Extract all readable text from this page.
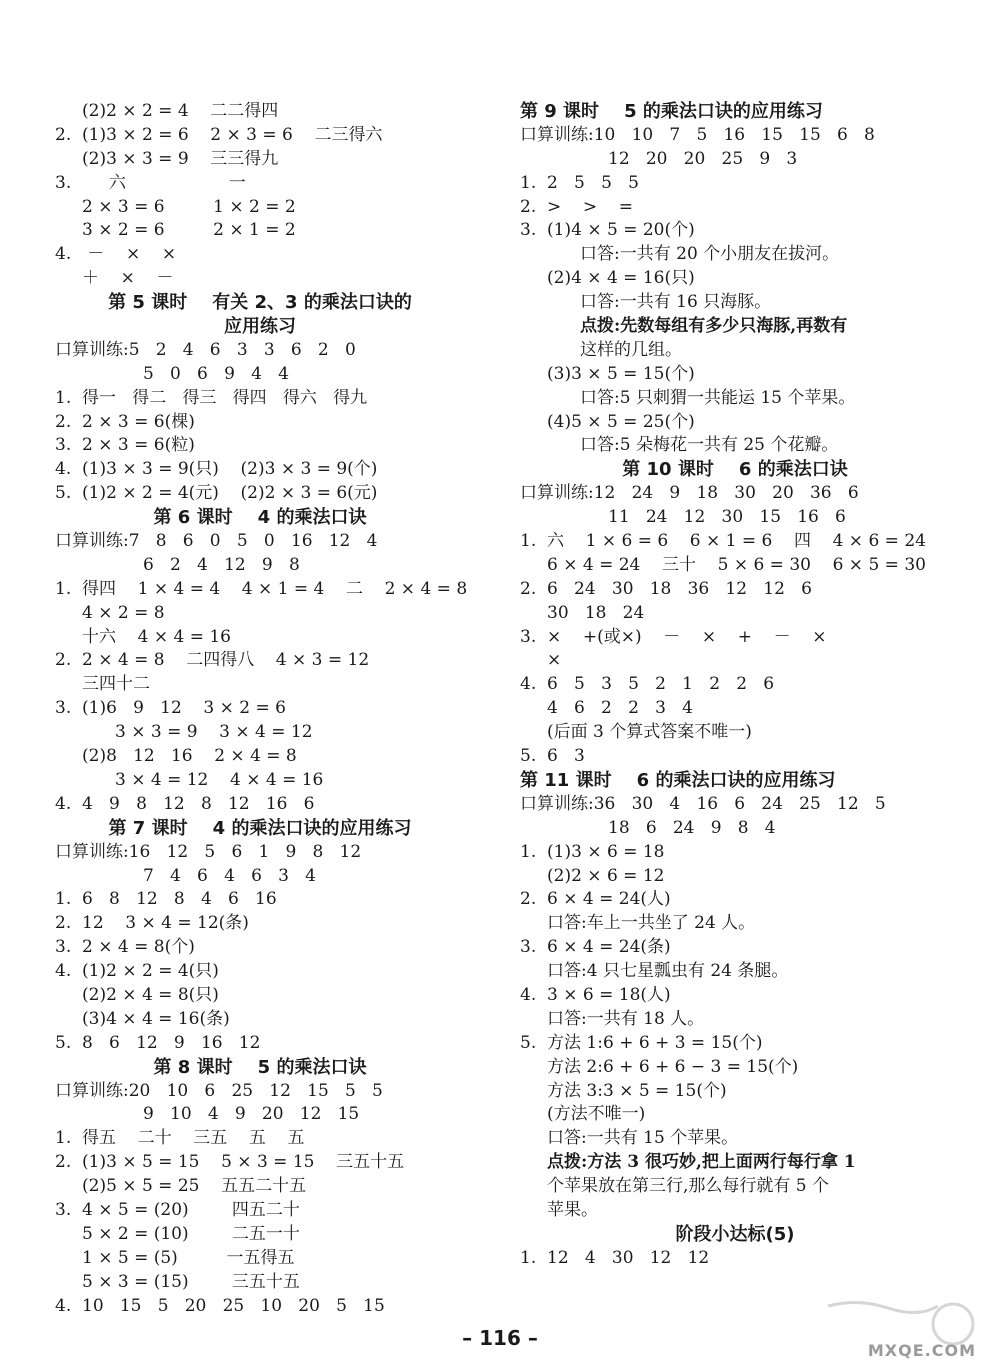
(2)2 × 2 = 4    二二得四
2.  (1)3 × 2 = 6    2 × 3 = 6    二三得六
(2)3 × 3 = 9    三三得九
3.       六                   一
2 × 3 = 6         1 × 2 = 2
3 × 2 = 6         2 × 1 = 2
4.   －    ×    ×
＋    ×    －
第 5 课时    有关 2、3 的乘法口诀的
应用练习
口算训练:5   2   4   6   3   3   6   2   0
5   0   6   9   4   4
1.  得一   得二   得三   得四   得六   得九
2.  2 × 3 = 6(棵)
3.  2 × 3 = 6(粒)
4.  (1)3 × 3 = 9(只)    (2)3 × 3 = 9(个)
5.  (1)2 × 2 = 4(元)    (2)2 × 3 = 6(元)
第 6 课时    4 的乘法口诀
口算训练:7   8   6   0   5   0   16   12   4
6   2   4   12   9   8
1.  得四    1 × 4 = 4    4 × 1 = 4    二    2 × 4 = 8
4 × 2 = 8
十六    4 × 4 = 16
2.  2 × 4 = 8    二四得八    4 × 3 = 12
三四十二
3.  (1)6   9   12    3 × 2 = 6
3 × 3 = 9    3 × 4 = 12
(2)8   12   16    2 × 4 = 8
3 × 4 = 12    4 × 4 = 16
4.  4   9   8   12   8   12   16   6
第 7 课时    4 的乘法口诀的应用练习
口算训练:16   12   5   6   1   9   8   12
7   4   6   4   6   3   4
1.  6   8   12   8   4   6   16
2.  12    3 × 4 = 12(条)
3.  2 × 4 = 8(个)
4.  (1)2 × 2 = 4(只)
(2)2 × 4 = 8(只)
(3)4 × 4 = 16(条)
5.  8   6   12   9   16   12
第 8 课时    5 的乘法口诀
口算训练:20   10   6   25   12   15   5   5
9   10   4   9   20   12   15
1.  得五    二十    三五    五    五
2.  (1)3 × 5 = 15    5 × 3 = 15    三五十五
(2)5 × 5 = 25    五五二十五
3.  4 × 5 = (20)        四五二十
5 × 2 = (10)        二五一十
1 × 5 = (5)         一五得五
5 × 3 = (15)        三五十五
4.  10   15   5   20   25   10   20   5   15
第 9 课时    5 的乘法口诀的应用练习
口算训练:10   10   7   5   16   15   15   6   8
12   20   20   25   9   3
1.  2   5   5   5
2.  >    >    =
3.  (1)4 × 5 = 20(个)
口答:一共有 20 个小朋友在拔河。
(2)4 × 4 = 16(只)
口答:一共有 16 只海豚。
点拨:先数每组有多少只海豚,再数有
这样的几组。
(3)3 × 5 = 15(个)
口答:5 只刺猬一共能运 15 个苹果。
(4)5 × 5 = 25(个)
口答:5 朵梅花一共有 25 个花瓣。
第 10 课时    6 的乘法口诀
口算训练:12   24   9   18   30   20   36   6
11   24   12   30   15   16   6
1.  六    1 × 6 = 6    6 × 1 = 6    四    4 × 6 = 24
6 × 4 = 24    三十    5 × 6 = 30    6 × 5 = 30
2.  6   24   30   18   36   12   12   6
30   18   24
3.  ×    +(或×)    －    ×    +    －    ×
×
4.  6   5   3   5   2   1   2   2   6
4   6   2   2   3   4
(后面 3 个算式答案不唯一)
5.  6   3
第 11 课时    6 的乘法口诀的应用练习
口算训练:36   30   4   16   6   24   25   12   5
18   6   24   9   8   4
1.  (1)3 × 6 = 18
(2)2 × 6 = 12
2.  6 × 4 = 24(人)
口答:车上一共坐了 24 人。
3.  6 × 4 = 24(条)
口答:4 只七星瓢虫有 24 条腿。
4.  3 × 6 = 18(人)
口答:一共有 18 人。
5.  方法 1:6 + 6 + 3 = 15(个)
方法 2:6 + 6 + 6 − 3 = 15(个)
方法 3:3 × 5 = 15(个)
(方法不唯一)
口答:一共有 15 个苹果。
点拨:方法 3 很巧妙,把上面两行每行拿 1
个苹果放在第三行,那么每行就有 5 个
苹果。
阶段小达标(5)
1.  12   4   30   12   12
– 116 –
MXQE.COM
